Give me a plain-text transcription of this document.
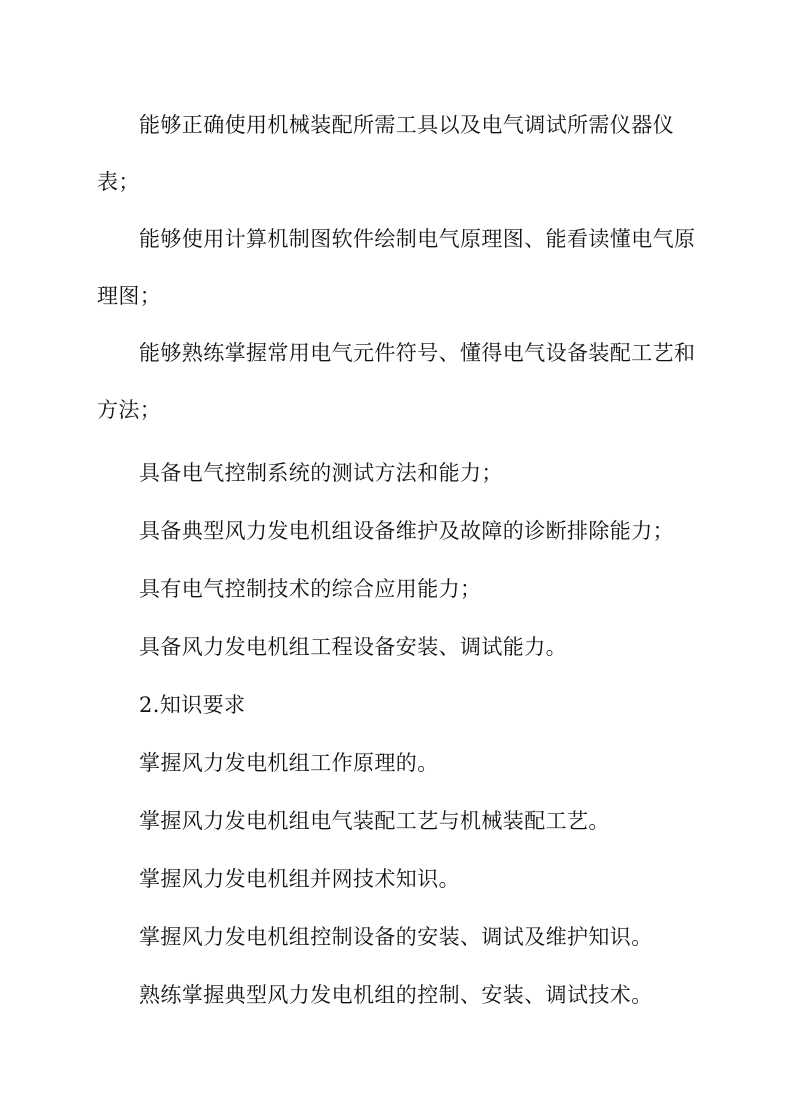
能够正确使用机械装配所需工具以及电气调试所需仪器仪表；

能够使用计算机制图软件绘制电气原理图、能看读懂电气原理图；

能够熟练掌握常用电气元件符号、懂得电气设备装配工艺和方法；

具备电气控制系统的测试方法和能力；

具备典型风力发电机组设备维护及故障的诊断排除能力；

具有电气控制技术的综合应用能力；

具备风力发电机组工程设备安装、调试能力。

2.知识要求

掌握风力发电机组工作原理的。

掌握风力发电机组电气装配工艺与机械装配工艺。

掌握风力发电机组并网技术知识。

掌握风力发电机组控制设备的安装、调试及维护知识。

熟练掌握典型风力发电机组的控制、安装、调试技术。
